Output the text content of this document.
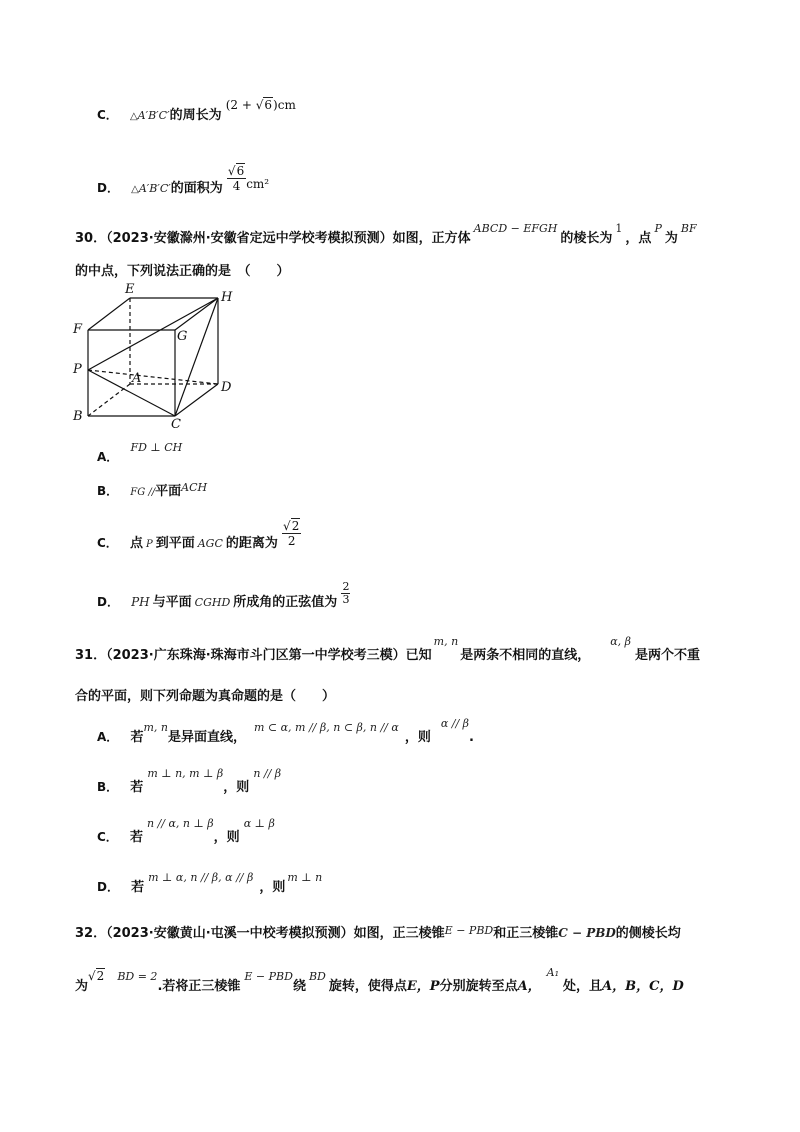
C． △A′B′C′的周长为 (2 + √6)cm
D． △A′B′C′的面积为 $\frac{√6}{4} cm^2$
30．（2023·安徽滁州·安徽省定远中学校考模拟预测）如图，正方体$^{ABCD - EFGH}$的棱长为$^1$，点$^P$为$^{BF}$
的中点，下列说法正确的是　（　　）
E
H
F	G
P
A
D
B
C
A． $^{FD \perp CH}$
B． FG //平面$^{ACH}$
C． 点 P 到平面 AGC 的距离为 $\frac{√2}{2}$
D． PH 与平面 CGHD 所成角的正弦值为 $\frac{2}{3}$
31．（2023·广东珠海·珠海市斗门区第一中学校考三模）已知$^{m, n}$是两条不相同的直线，$^{\alpha, \beta}$是两个不重
合的平面，则下列命题为真命题的是（　　）
A． 若$^{m, n}$是异面直线，$^{m \subset \alpha, m // \beta, n \subset \beta, n // \alpha}$，则$^{\alpha // \beta}$.
B． 若$^{m \perp n, m \perp \beta}$，则$^{n // \beta}$
C． 若$^{n // \alpha, n \perp \beta}$，则$^{\alpha \perp \beta}$
D． 若$^{m \perp \alpha, n // \beta, \alpha // \beta}$，则$^{m \perp n}$
32．（2023·安徽黄山·屯溪一中校考模拟预测）如图，正三棱锥$^{E - PBD}$和正三棱锥C − PBD的侧棱长均
为√2 $^{BD = 2}$.若将正三棱锥$^{E - PBD}$绕$^{BD}$旋转，使得点E，P分别旋转至点A，$^{A_1}$处，且A，B，C，D
